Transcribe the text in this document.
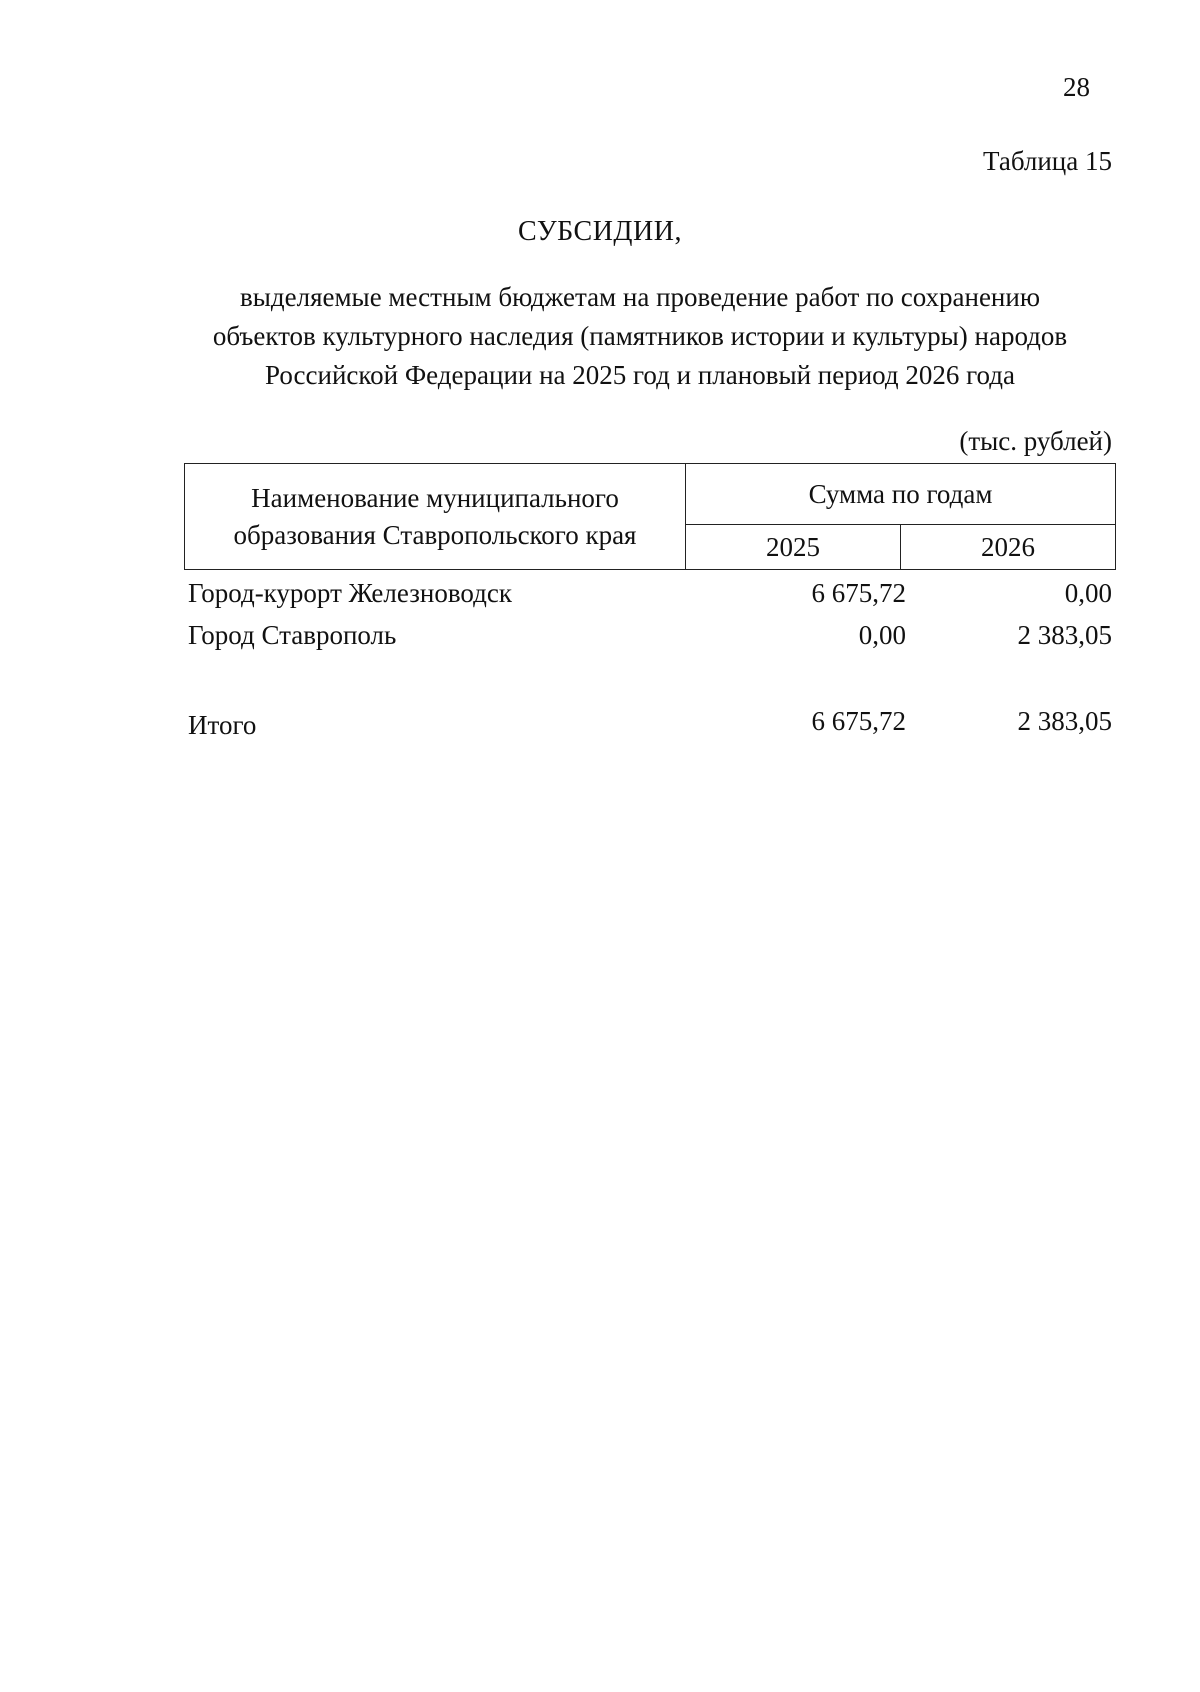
28
Таблица 15
СУБСИДИИ,
выделяемые местным бюджетам на проведение работ по сохранению
объектов культурного наследия (памятников истории и культуры) народов
Российской Федерации на 2025 год и плановый период 2026 года
(тыс. рублей)
Наименование муниципального
образования Ставропольского края	Сумма по годам	
	2025	2026
Город-курорт Железноводск	6 675,72	0,00
Город Ставрополь	0,00	2 383,05
Итого	6 675,72	2 383,05
